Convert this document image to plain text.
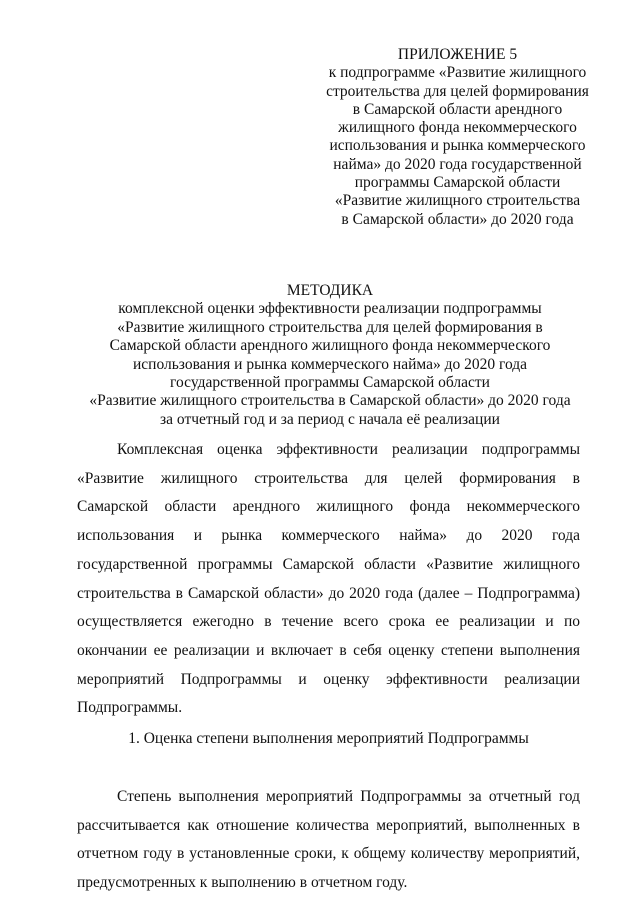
ПРИЛОЖЕНИЕ 5
к подпрограмме «Развитие жилищного
строительства для целей формирования
в Самарской области арендного
жилищного фонда некоммерческого
использования и рынка коммерческого
найма» до 2020 года государственной
программы Самарской области
«Развитие жилищного строительства
в Самарской области» до 2020 года
МЕТОДИКА
комплексной оценки эффективности реализации подпрограммы
«Развитие жилищного строительства для целей формирования в
Самарской области арендного жилищного фонда некоммерческого
использования и рынка коммерческого найма» до 2020 года
государственной программы Самарской области
«Развитие жилищного строительства в Самарской области» до 2020 года
за отчетный год и за период с начала её реализации
Комплексная оценка эффективности реализации подпрограммы
«Развитие жилищного строительства для целей формирования в
Самарской области арендного жилищного фонда некоммерческого
использования и рынка коммерческого найма» до 2020 года
государственной программы Самарской области «Развитие жилищного
строительства в Самарской области» до 2020 года (далее – Подпрограмма)
осуществляется ежегодно в течение всего срока ее реализации и по
окончании ее реализации и включает в себя оценку степени выполнения
мероприятий Подпрограммы и оценку эффективности реализации
Подпрограммы.
1. Оценка степени выполнения мероприятий Подпрограммы
Степень выполнения мероприятий Подпрограммы за отчетный год
рассчитывается как отношение количества мероприятий, выполненных в
отчетном году в установленные сроки, к общему количеству мероприятий,
предусмотренных к выполнению в отчетном году.
